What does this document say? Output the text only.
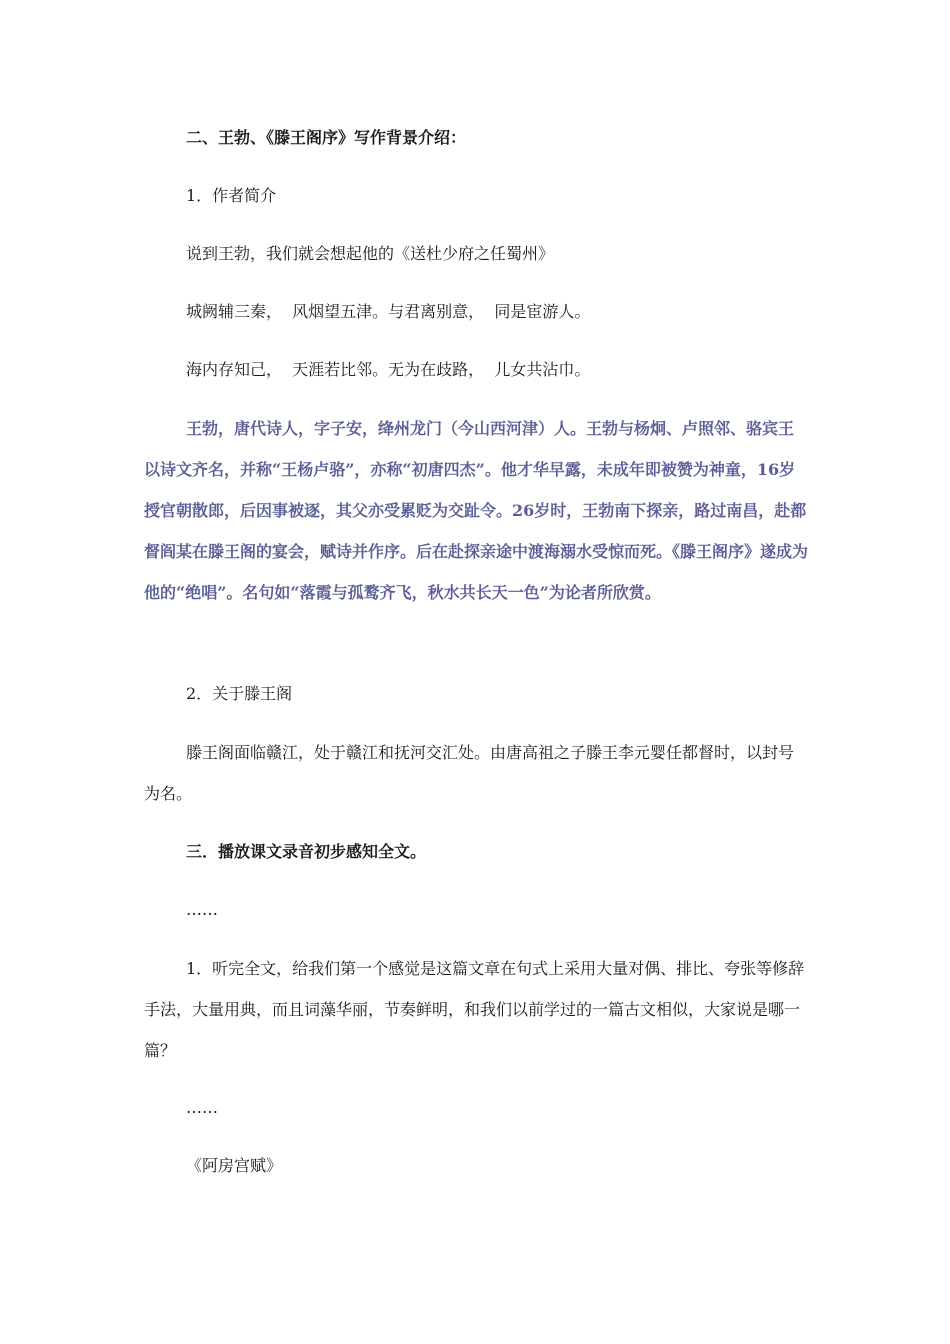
二、王勃、《滕王阁序》写作背景介绍：
1．作者简介
说到王勃，我们就会想起他的《送杜少府之任蜀州》
城阙辅三秦，  风烟望五津。与君离别意，  同是宦游人。
海内存知己，  天涯若比邻。无为在歧路，  儿女共沾巾。
王勃，唐代诗人，字子安，绛州龙门（今山西河津）人。王勃与杨炯、卢照邻、骆宾王以诗文齐名，并称“王杨卢骆”，亦称“初唐四杰”。他才华早露，未成年即被赞为神童，16岁授官朝散郎，后因事被逐，其父亦受累贬为交趾令。26岁时，王勃南下探亲，路过南昌，赴都督阎某在滕王阁的宴会，赋诗并作序。后在赴探亲途中渡海溺水受惊而死。《滕王阁序》遂成为他的“绝唱”。名句如“落霞与孤鹜齐飞，秋水共长天一色”为论者所欣赏。
2．关于滕王阁
滕王阁面临赣江，处于赣江和抚河交汇处。由唐高祖之子滕王李元婴任都督时，以封号为名。
三．播放课文录音初步感知全文。
……
1．听完全文，给我们第一个感觉是这篇文章在句式上采用大量对偶、排比、夸张等修辞手法，大量用典，而且词藻华丽，节奏鲜明，和我们以前学过的一篇古文相似，大家说是哪一篇？
……
《阿房宫赋》
